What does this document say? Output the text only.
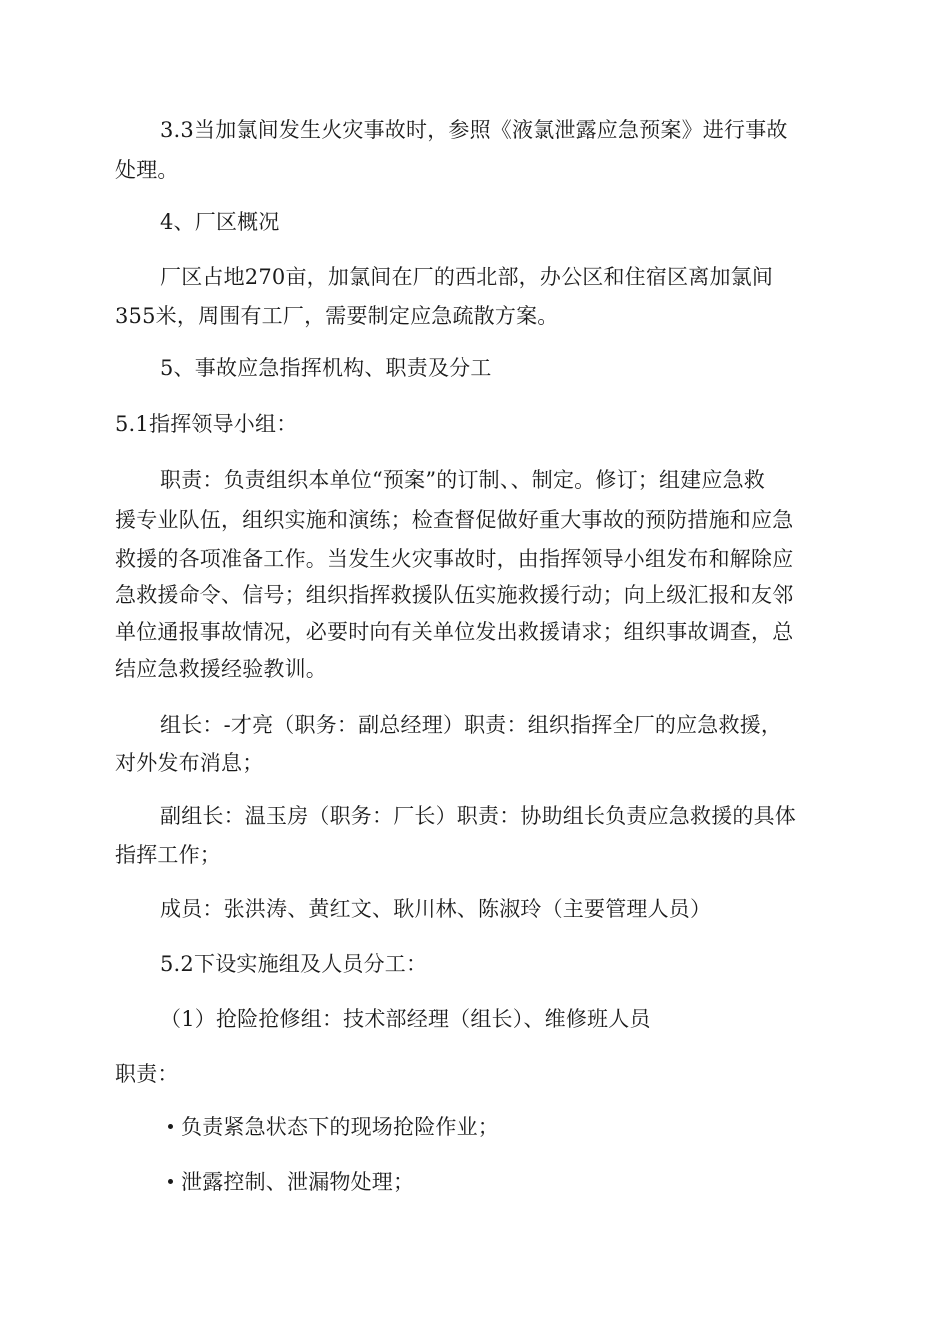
3.3当加氯间发生火灾事故时，参照《液氯泄露应急预案》进行事故
处理。
4、厂区概况
厂区占地270亩，加氯间在厂的西北部，办公区和住宿区离加氯间
355米，周围有工厂，需要制定应急疏散方案。
5、事故应急指挥机构、职责及分工
5.1指挥领导小组：
职责：负责组织本单位“预案”的订制、、制定。修订；组建应急救
援专业队伍，组织实施和演练；检查督促做好重大事故的预防措施和应急
救援的各项准备工作。当发生火灾事故时，由指挥领导小组发布和解除应
急救援命令、信号；组织指挥救援队伍实施救援行动；向上级汇报和友邻
单位通报事故情况，必要时向有关单位发出救援请求；组织事故调查，总
结应急救援经验教训。
组长：-才亮（职务：副总经理）职责：组织指挥全厂的应急救援，
对外发布消息；
副组长：温玉房（职务：厂长）职责：协助组长负责应急救援的具体
指挥工作；
成员：张洪涛、黄红文、耿川林、陈淑玲（主要管理人员）
5.2下设实施组及人员分工：
（1）抢险抢修组：技术部经理（组长）、维修班人员
职责：
负责紧急状态下的现场抢险作业；
泄露控制、泄漏物处理；
